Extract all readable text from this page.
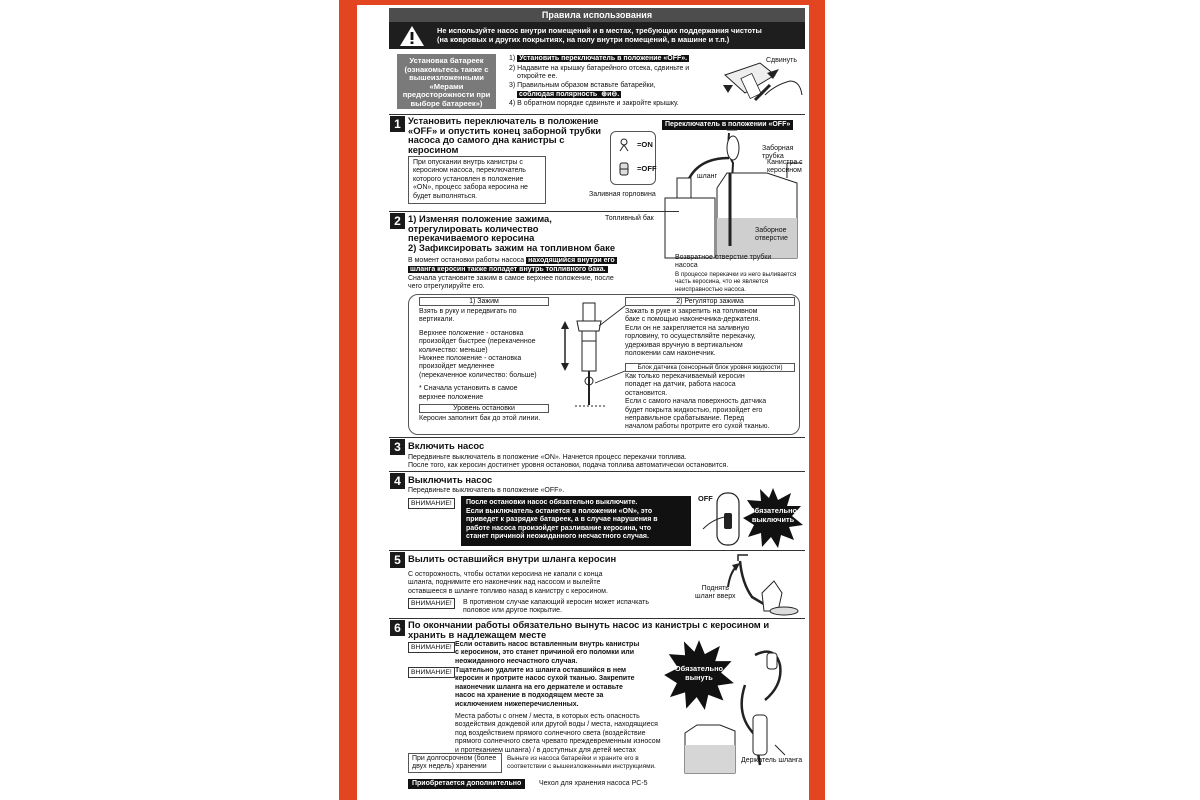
Правила использования
Не используйте насос внутри помещений и в местах, требующих поддержания чистоты
(на ковровых и других покрытиях, на полу внутри помещений, в машине и т.п.)
Установка батареек
(ознакомьтесь также с
вышеизложенными «Мерами
предосторожности при
выборе батареек»)
1) Установить переключатель в положение «OFF».
2) Надавите на крышку батарейного отсека, сдвиньте и
откройте ее.
3) Правильным образом вставьте батарейки,
соблюдая полярность ⊕и⊖.
4) В обратном порядке сдвиньте и закройте крышку.
Сдвинуть
1 Установить переключатель в положение
«OFF» и опустить конец заборной трубки
насоса до самого дна канистры с
керосином
При опускании внутрь канистры с
керосином насоса, переключатель
которого установлен в положение
«ON», процесс забора керосина не
будет выполняться.
=ON
=OFF
Переключатель в положении «OFF»
Заборная трубка
шланг
Канистра с
керосином
Заливная горловина
Топливный бак
Заборное
отверстие
Возвратное отверстие трубки
насоса
В процессе перекачки из него выливается
часть керосина, что не является
неисправностью насоса.
2 1) Изменяя положение зажима,
отрегулировать количество
перекачиваемого керосина
2) Зафиксировать зажим на топливном баке
В момент остановки работы насоса находящийся внутри его
шланга керосин также попадет внутрь топливного бака.
Сначала установите зажим в самое верхнее положение, после
чего отрегулируйте его.
1) Зажим
Взять в руку и передвигать по
вертикали.
Верхнее положение - остановка
произойдет быстрее (перекаченное
количество: меньше)
Нижнее положение - остановка
произойдет медленнее
(перекаченное количество: больше)
* Сначала установить в самое
верхнее положение
Уровень остановки
Керосин заполнит бак до этой линии.
2) Регулятор зажима
Зажать в руке и закрепить на топливном
баке с помощью наконечника-держателя.
Если он не закрепляется на заливную
горловину, то осуществляйте перекачку,
удерживая вручную в вертикальном
положении сам наконечник.
Блок датчика (сенсорный блок уровня жидкости)
Как только перекачиваемый керосин
попадет на датчик, работа насоса
остановится.
Если с самого начала поверхность датчика
будет покрыта жидкостью, произойдет его
неправильное срабатывание. Перед
началом работы протрите его сухой тканью.
3 Включить насос
Передвиньте выключатель в положение «ON». Начнется процесс перекачки топлива.
После того, как керосин достигнет уровня остановки, подача топлива автоматически остановится.
4 Выключить насос
Передвиньте выключатель в положение «OFF».
ВНИМАНИЕ!	После остановки насос обязательно выключите.
Если выключатель останется в положении «ON», это
приведет к разрядке батареек, а в случае нарушения в
работе насоса произойдет разливание керосина, что
станет причиной неожиданного несчастного случая.
OFF
Обязательно
выключить
5 Вылить оставшийся внутри шланга керосин
С осторожность, чтобы остатки керосина не капали с конца
шланга, поднимите его наконечник над насосом и вылейте
оставшееся в шланге топливо назад в канистру с керосином.
ВНИМАНИЕ!	В противном случае капающий керосин может испачкать
половое или другое покрытие.
Поднять
шланг вверх
6 По окончании работы обязательно вынуть насос из канистры с керосином и
хранить в надлежащем месте
ВНИМАНИЕ! Если оставить насос вставленным внутрь канистры
с керосином, это станет причиной его поломки или
неожиданного несчастного случая.
ВНИМАНИЕ! Тщательно удалите из шланга оставшийся в нем
керосин и протрите насос сухой тканью. Закрепите
наконечник шланга на его держателе и оставьте
насос на хранение в подходящем месте за
исключением нижеперечисленных.
Места работы с огнем / места, в которых есть опасность
воздействия дождевой или другой воды / места, находящиеся
под воздействием прямого солнечного света (воздействие
прямого солнечного света чревато преждевременным износом
и протеканием шланга) / в доступных для детей местах
При долгосрочном (более
двух недель) хранении
Выньте из насоса батарейки и храните его в
соответствии с вышеизложенными инструкциями.
Приобретается дополнительно	Чехол для хранения насоса PC-5
Обязательно
вынуть
Держатель шланга
